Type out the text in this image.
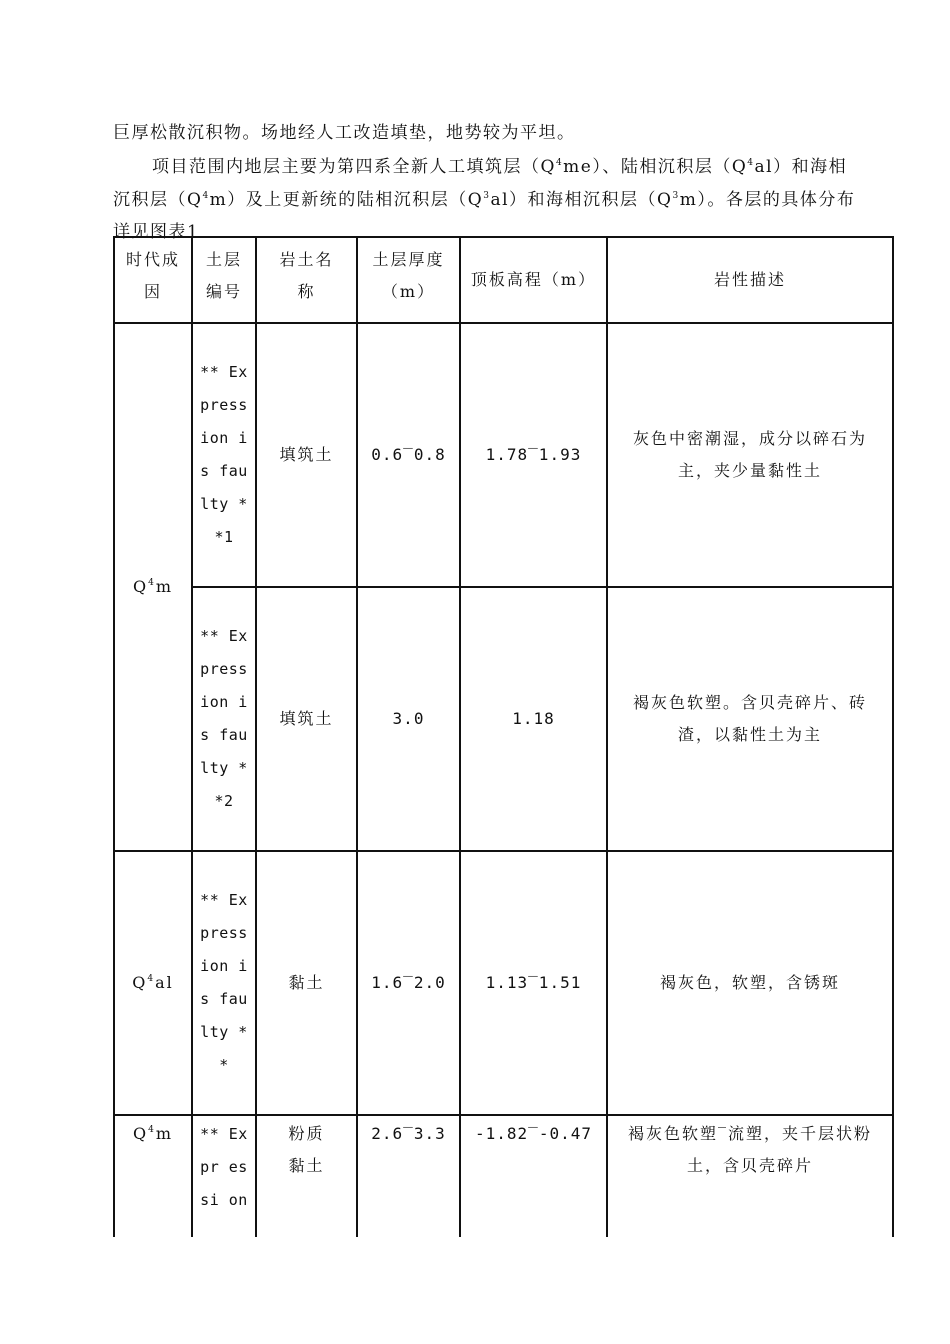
巨厚松散沉积物。场地经人工改造填垫，地势较为平坦。

项目范围内地层主要为第四系全新人工填筑层$(Q^4me)$、陆相沉积层$(Q^4al)$和海相

沉积层$(Q^4m)$及上更新统的陆相沉积层$(Q^3al)$和海相沉积层$(Q^3m)$。各层的具体分布

详见图表1

时代成因	土层编号	岩土名称	土层厚度（m）	顶板高程（m）	岩性描述
$Q^4m$	** Expression is faulty **1	填筑土	0.6‾0.8	1.78‾1.93	灰色中密潮湿，成分以碎石为主，夹少量黏性土
	** Expression is faulty **2	填筑土	3.0	1.18	褐灰色软塑。含贝壳碎片、砖渣，以黏性土为主
$Q^4al$	** Expression is faulty **	黏土	1.6‾2.0	1.13‾1.51	褐灰色，软塑，含锈斑
$Q^4m$	** Expr essi on	粉质黏土	2.6‾3.3	-1.82‾-0.47	褐灰色软塑‾流塑，夹千层状粉土，含贝壳碎片
